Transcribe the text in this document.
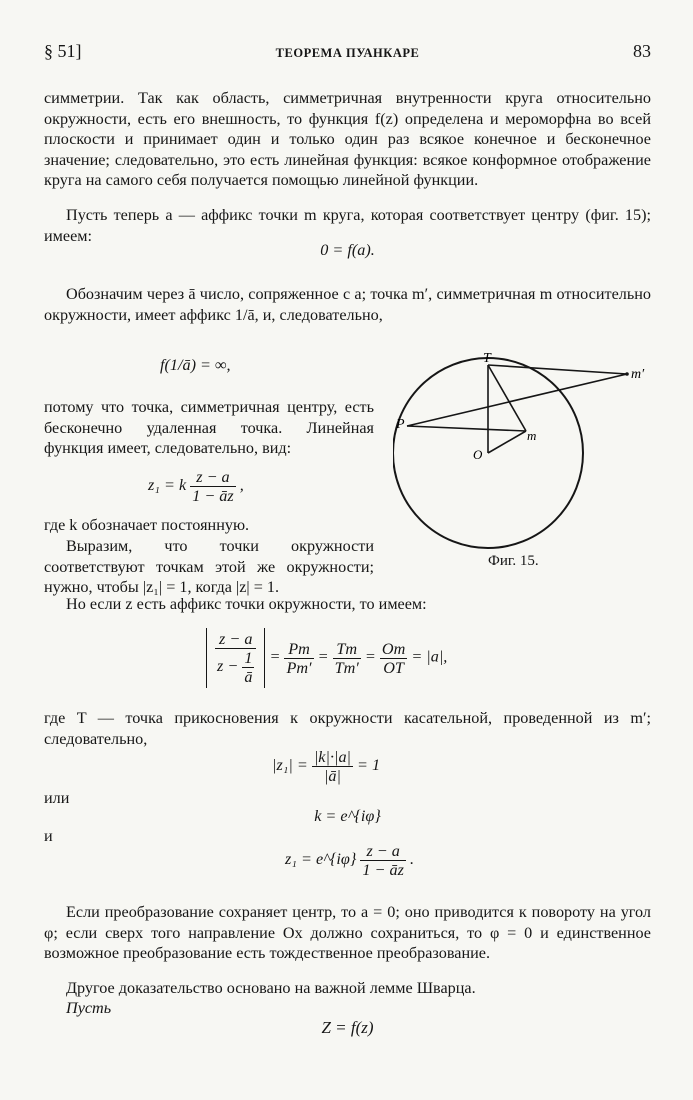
§ 51]	ТЕОРЕМА ПУАНКАРЕ	83
симметрии. Так как область, симметричная внутренности круга относительно окружности, есть его внешность, то функция f(z) определена и мероморфна во всей плоскости и принимает один и только один раз всякое конечное и бесконечное значение; следовательно, это есть линейная функция: всякое конформное отображение круга на самого себя получается помощью линейной функции.
Пусть теперь a — аффикс точки m круга, которая соответствует центру (фиг. 15); имеем:
0 = f(a).
Обозначим через ā число, сопряженное с a; точка m′, симметричная m относительно окружности, имеет аффикс 1/ā, и, следовательно,
f(1/ā) = ∞,
потому что точка, симметричная центру, есть бесконечно удаленная точка. Линейная функция имеет, следовательно, вид:
z₁ = k $\frac{z - a}{1 - āz}$ ,
где k обозначает постоянную.
Выразим, что точки окружности соответствуют точкам этой же окружности; нужно, чтобы |z₁| = 1, когда |z| = 1.
T
P
m
m′
O
Фиг. 15.
Но если z есть аффикс точки окружности, то имеем:
$\frac{z - a}{z - \frac{1}{ā}} = \frac{Pm}{Pm'} = \frac{Tm}{Tm'} = \frac{Om}{OT} = |a|$,
где T — точка прикосновения к окружности касательной, проведенной из m′; следовательно,
$|z_1| = \frac{|k|\cdot|a|}{|ā|} = 1$
или
k = e^{iφ}
и
z₁ = e^{iφ} $\frac{z - a}{1 - āz}$ .
Если преобразование сохраняет центр, то a = 0; оно приводится к повороту на угол φ; если сверх того направление Ox должно сохраниться, то φ = 0 и единственное возможное преобразование есть тождественное преобразование.
Другое доказательство основано на важной лемме Шварца.
Пусть
Z = f(z)
